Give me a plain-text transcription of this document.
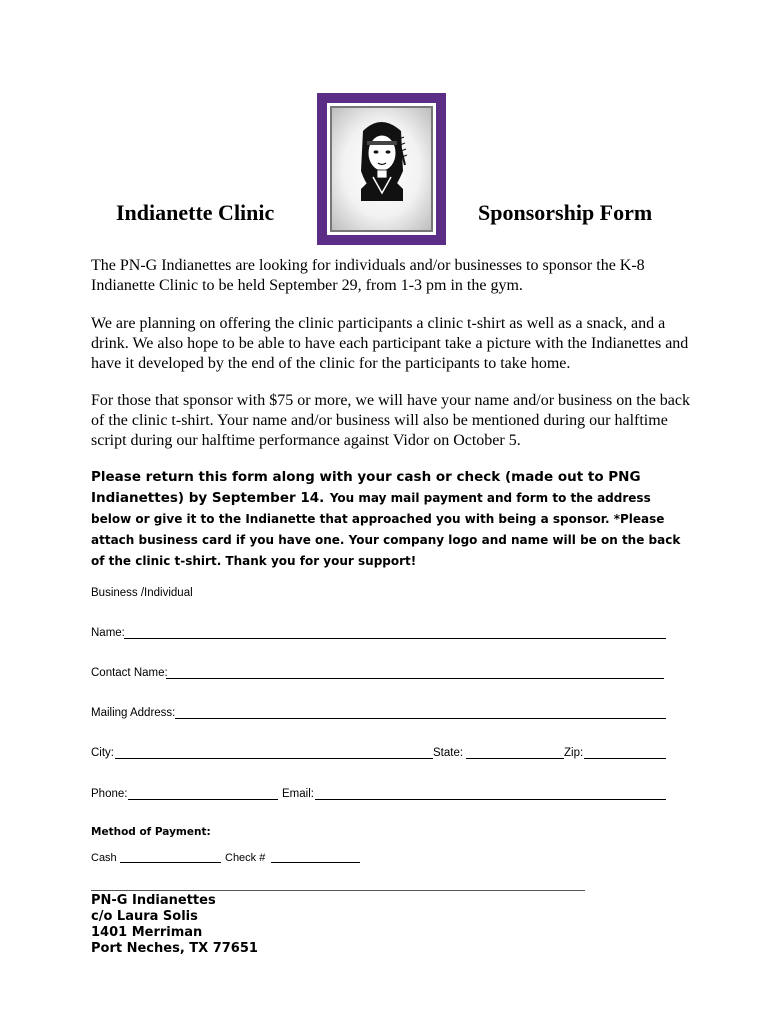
Indianette Clinic	Sponsorship Form

The PN-G Indianettes are looking for individuals and/or businesses to sponsor the K-8 Indianette Clinic to be held September 29, from 1-3 pm in the gym.

We are planning on offering the clinic participants a clinic t-shirt as well as a snack, and a drink. We also hope to be able to have each participant take a picture with the Indianettes and have it developed by the end of the clinic for the participants to take home.

For those that sponsor with $75 or more, we will have your name and/or business on the back of the clinic t-shirt. Your name and/or business will also be mentioned during our halftime script during our halftime performance against Vidor on October 5.

Please return this form along with your cash or check (made out to PNG Indianettes) by September 14. You may mail payment and form to the address below or give it to the Indianette that approached you with being a sponsor. *Please attach business card if you have one. Your company logo and name will be on the back of the clinic t-shirt. Thank you for your support!

Business /Individual
Name:
Contact Name:
Mailing Address:
City:	State:	Zip:
Phone:	Email:
Method of Payment:
Cash	Check #
PN-G Indianettes
c/o Laura Solis
1401 Merriman
Port Neches, TX 77651
